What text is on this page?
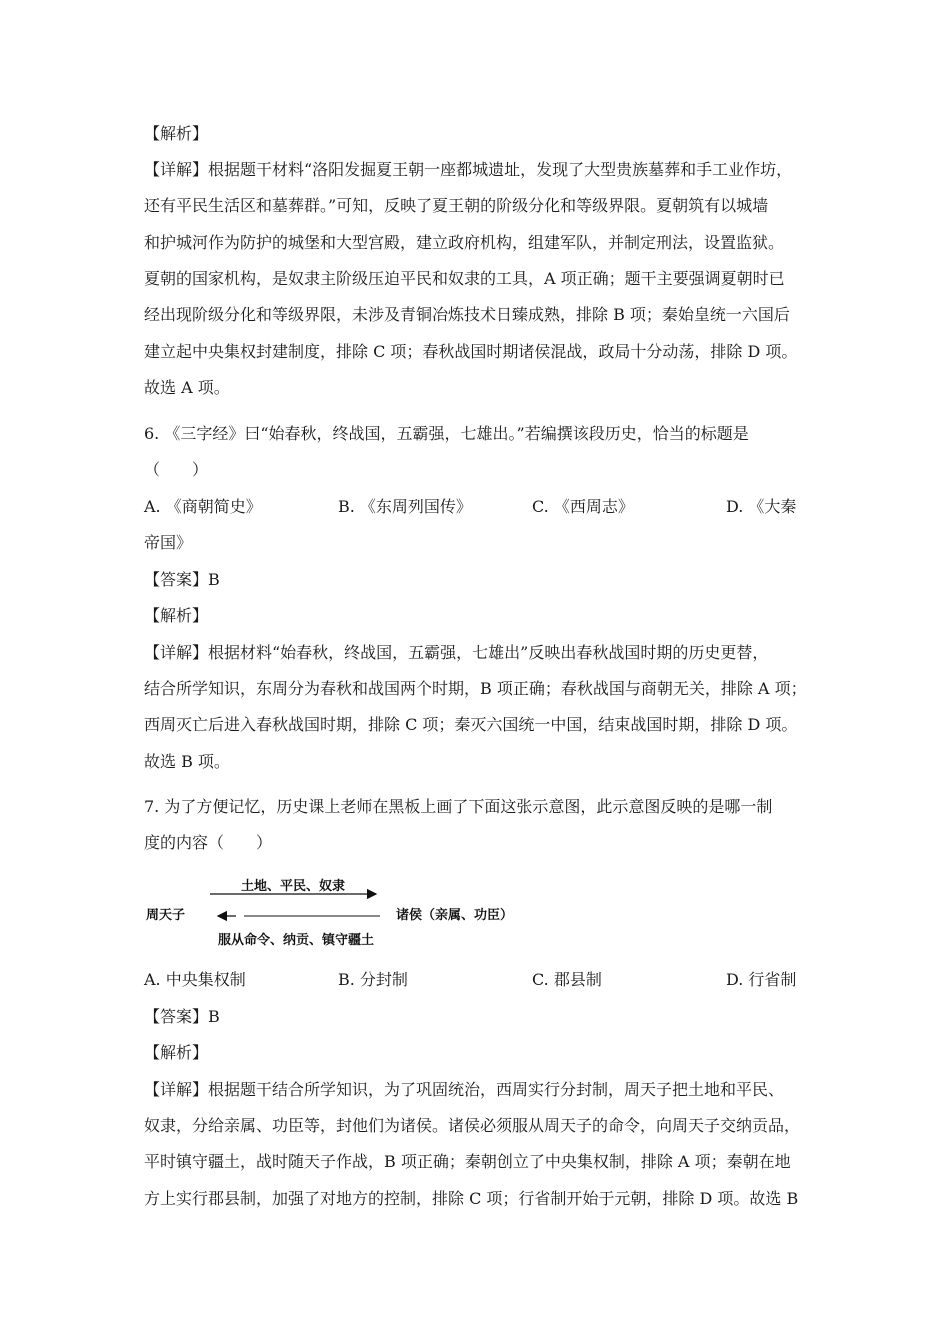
【解析】
【详解】根据题干材料“洛阳发掘夏王朝一座都城遗址，发现了大型贵族墓葬和手工业作坊，
还有平民生活区和墓葬群。”可知，反映了夏王朝的阶级分化和等级界限。夏朝筑有以城墙
和护城河作为防护的城堡和大型宫殿，建立政府机构，组建军队，并制定刑法，设置监狱。
夏朝的国家机构，是奴隶主阶级压迫平民和奴隶的工具，A 项正确；题干主要强调夏朝时已
经出现阶级分化和等级界限，未涉及青铜冶炼技术日臻成熟，排除 B 项；秦始皇统一六国后
建立起中央集权封建制度，排除 C 项；春秋战国时期诸侯混战，政局十分动荡，排除 D 项。
故选 A 项。
6. 《三字经》曰“始春秋，终战国，五霸强，七雄出。”若编撰该段历史，恰当的标题是
（　　）
A. 《商朝简史》	B. 《东周列国传》	C. 《西周志》	D. 《大秦
帝国》
【答案】B
【解析】
【详解】根据材料“始春秋，终战国，五霸强，七雄出”反映出春秋战国时期的历史更替，
结合所学知识，东周分为春秋和战国两个时期，B 项正确；春秋战国与商朝无关，排除 A 项；
西周灭亡后进入春秋战国时期，排除 C 项；秦灭六国统一中国，结束战国时期，排除 D 项。
故选 B 项。
7. 为了方便记忆，历史课上老师在黑板上画了下面这张示意图，此示意图反映的是哪一制
度的内容（　　）
土地、平民、奴隶
周天子	诸侯（亲属、功臣）
服从命令、纳贡、镇守疆土
A. 中央集权制	B. 分封制	C. 郡县制	D. 行省制
【答案】B
【解析】
【详解】根据题干结合所学知识，为了巩固统治，西周实行分封制，周天子把土地和平民、
奴隶，分给亲属、功臣等，封他们为诸侯。诸侯必须服从周天子的命令，向周天子交纳贡品，
平时镇守疆土，战时随天子作战，B 项正确；秦朝创立了中央集权制，排除 A 项；秦朝在地
方上实行郡县制，加强了对地方的控制，排除 C 项；行省制开始于元朝，排除 D 项。故选 B
